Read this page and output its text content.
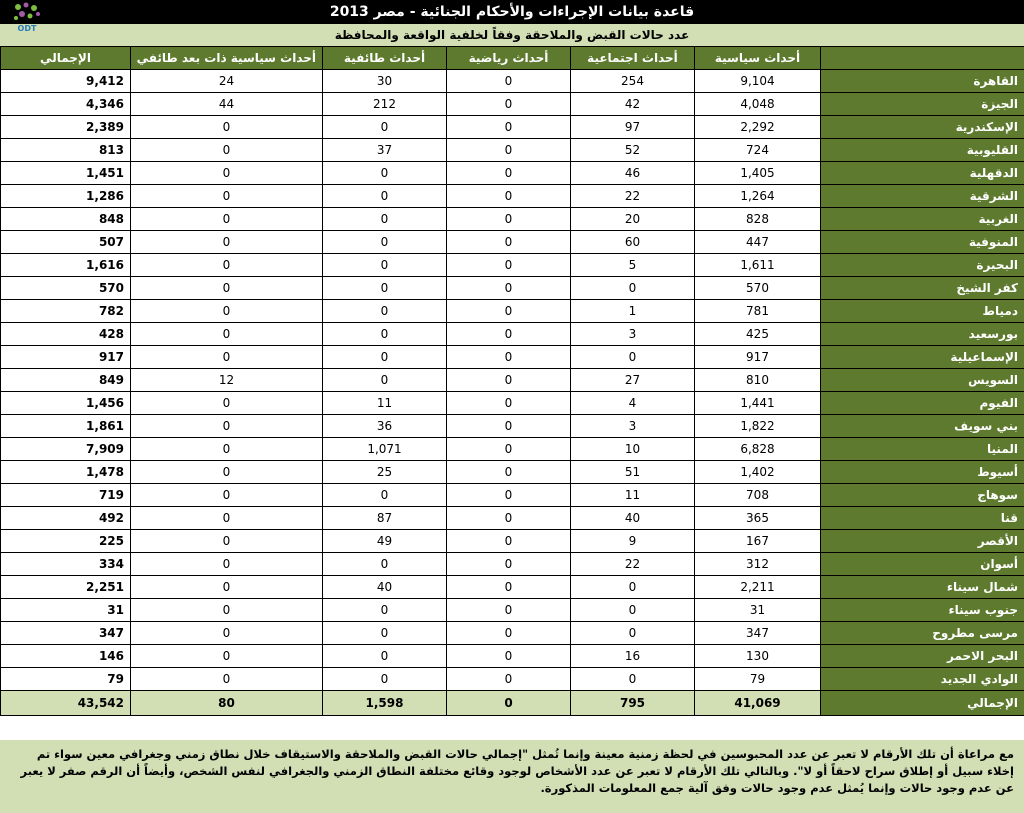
ODT
قاعدة بيانات الإجراءات والأحكام الجنائية - مصر 2013
عدد حالات القبض والملاحقة وفقاً لخلفية الواقعة والمحافظة
	أحداث سياسية	أحداث اجتماعية	أحداث رياضية	أحداث طائفية	أحداث سياسية ذات بعد طائفي	الإجمالي
القاهرة	9,104	254	0	30	24	9,412
الجيزة	4,048	42	0	212	44	4,346
الإسكندرية	2,292	97	0	0	0	2,389
القليوبية	724	52	0	37	0	813
الدقهلية	1,405	46	0	0	0	1,451
الشرقية	1,264	22	0	0	0	1,286
الغربية	828	20	0	0	0	848
المنوفية	447	60	0	0	0	507
البحيرة	1,611	5	0	0	0	1,616
كفر الشيخ	570	0	0	0	0	570
دمياط	781	1	0	0	0	782
بورسعيد	425	3	0	0	0	428
الإسماعيلية	917	0	0	0	0	917
السويس	810	27	0	0	12	849
الفيوم	1,441	4	0	11	0	1,456
بني سويف	1,822	3	0	36	0	1,861
المنيا	6,828	10	0	1,071	0	7,909
أسيوط	1,402	51	0	25	0	1,478
سوهاج	708	11	0	0	0	719
قنا	365	40	0	87	0	492
الأقصر	167	9	0	49	0	225
أسوان	312	22	0	0	0	334
شمال سيناء	2,211	0	0	40	0	2,251
جنوب سيناء	31	0	0	0	0	31
مرسى مطروح	347	0	0	0	0	347
البحر الاحمر	130	16	0	0	0	146
الوادي الجديد	79	0	0	0	0	79
الإجمالي	41,069	795	0	1,598	80	43,542
مع مراعاة أن تلك الأرقام لا تعبر عن عدد المحبوسين في لحظة زمنية معينة وإنما تُمثل "إجمالي حالات القبض والملاحقة والاستيقاف خلال نطاق زمني وجغرافي معين سواء تم إخلاء سبيل أو إطلاق سراح لاحقاً أو لا". وبالتالي تلك الأرقام لا تعبر عن عدد الأشخاص لوجود وقائع مختلفة النطاق الزمني والجغرافي لنفس الشخص، وأيضاً أن الرقم صفر لا يعبر عن عدم وجود حالات وإنما يُمثل عدم وجود حالات وفق آلية جمع المعلومات المذكورة.
